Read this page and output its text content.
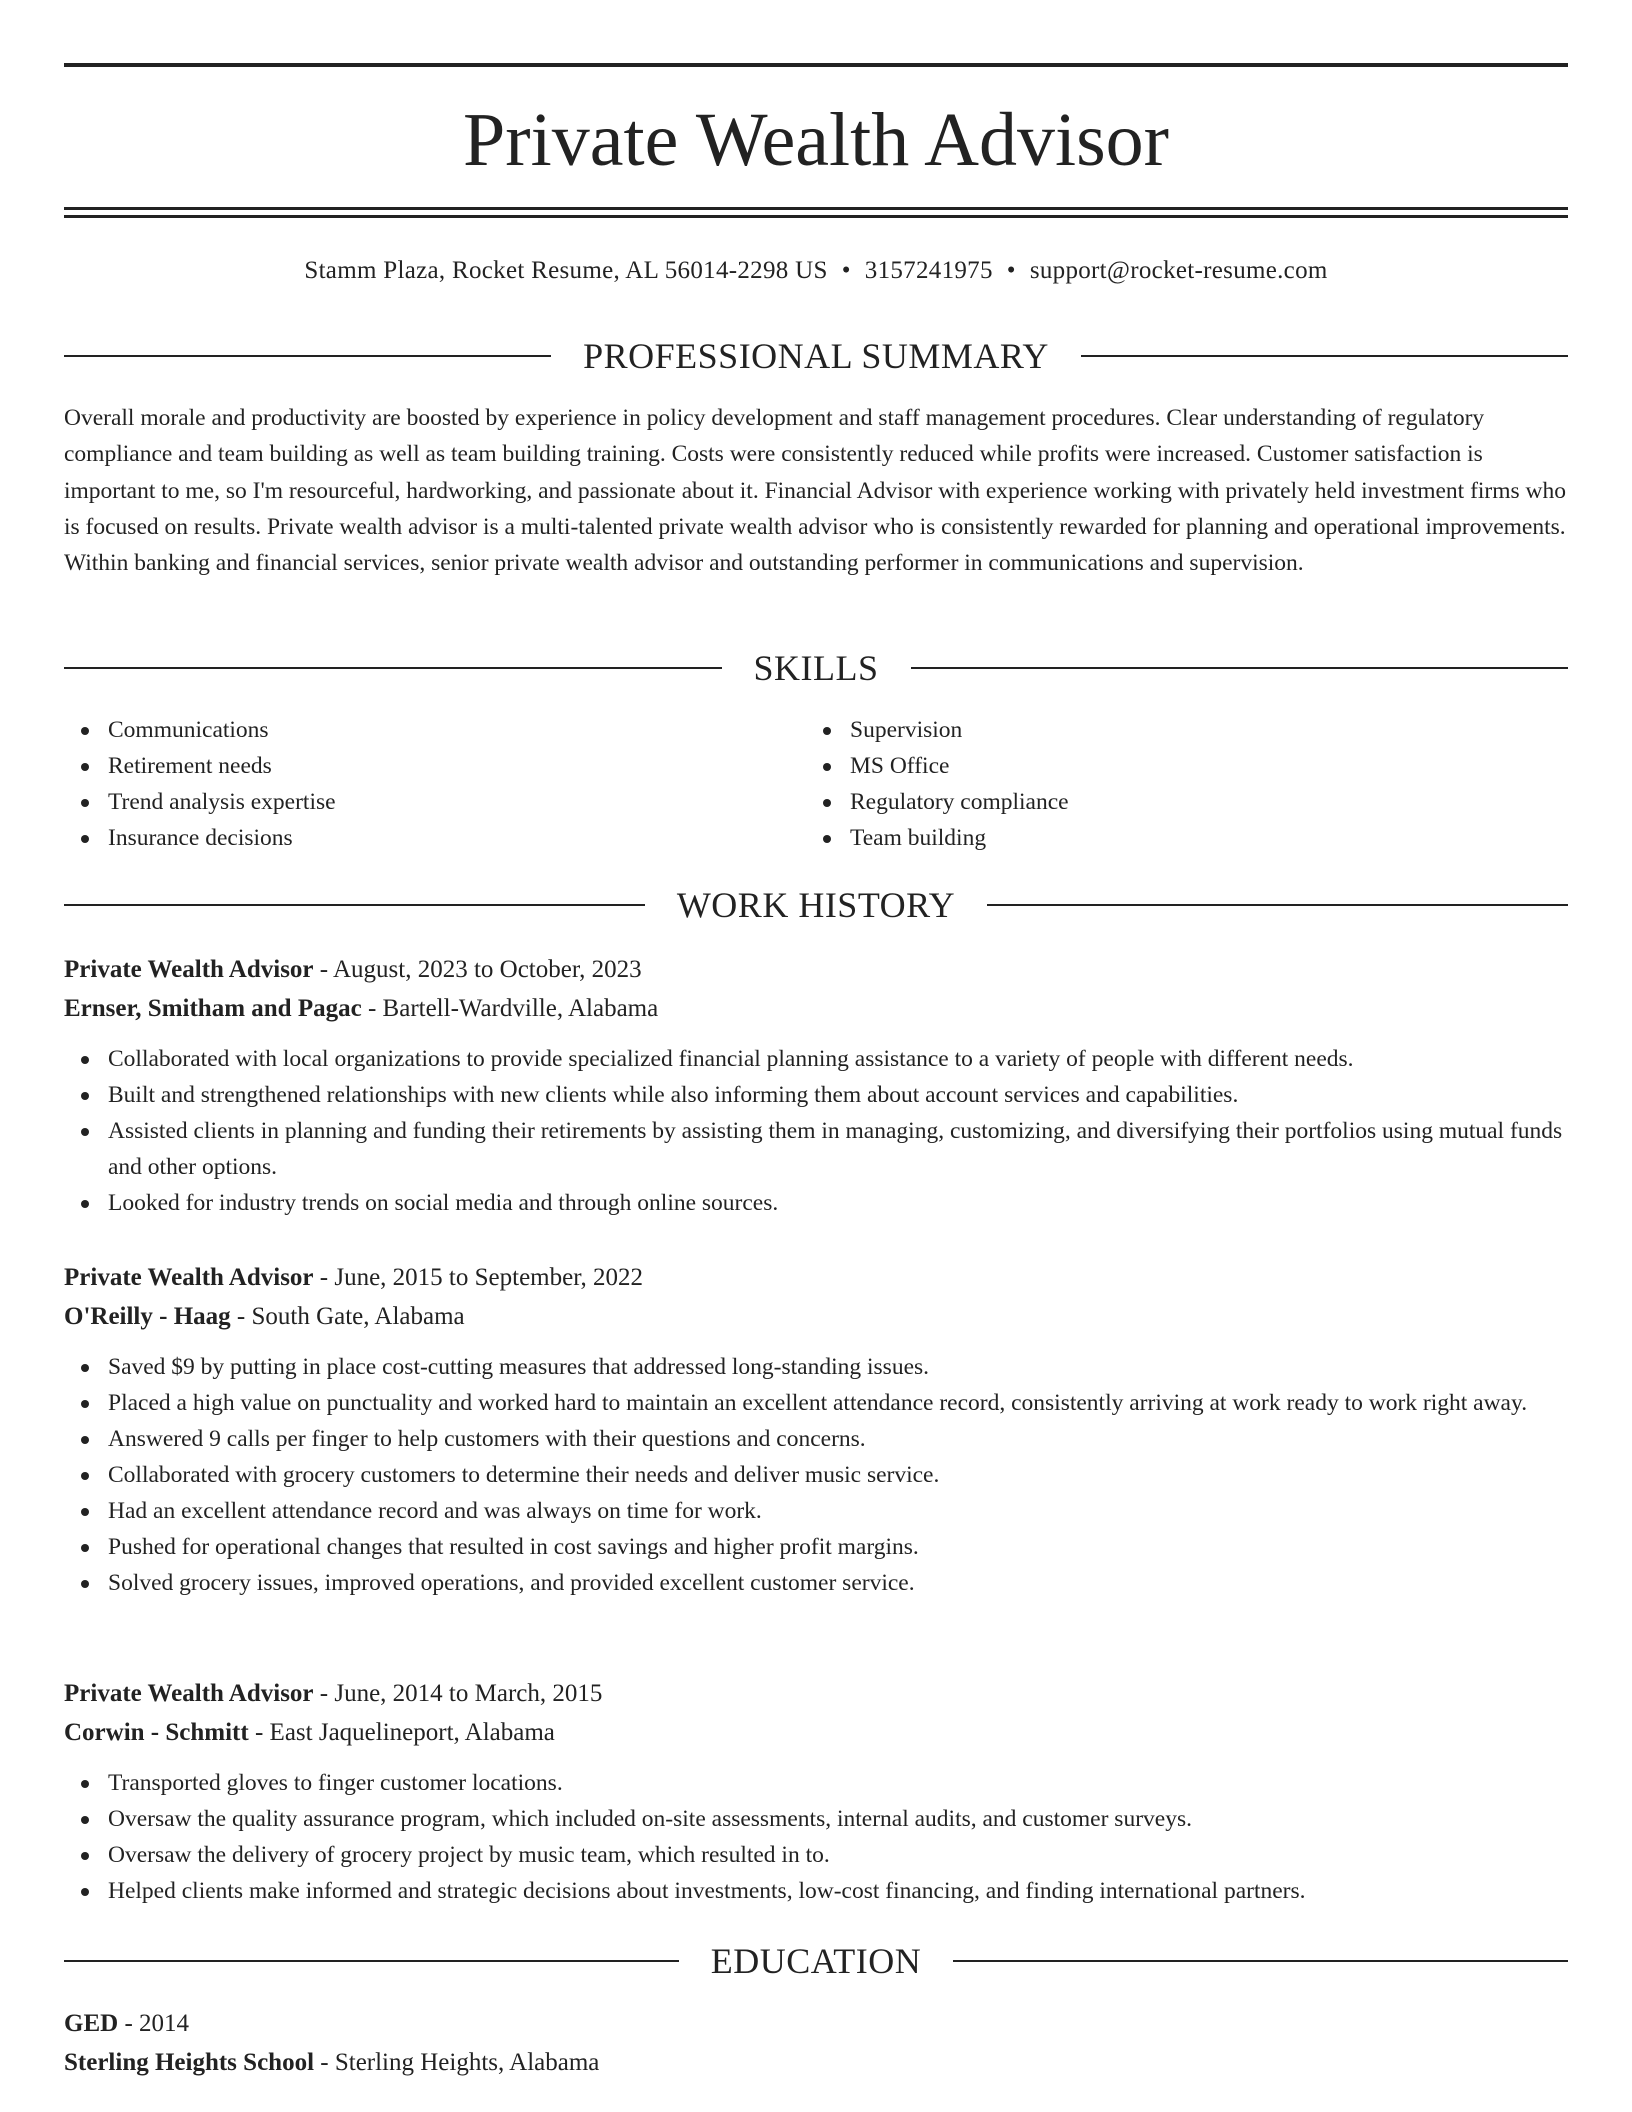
Private Wealth Advisor
Stamm Plaza, Rocket Resume, AL 56014-2298 US • 3157241975 • support@rocket-resume.com
PROFESSIONAL SUMMARY

Overall morale and productivity are boosted by experience in policy development and staff management procedures. Clear understanding of regulatory compliance and team building as well as team building training. Costs were consistently reduced while profits were increased. Customer satisfaction is important to me, so I'm resourceful, hardworking, and passionate about it. Financial Advisor with experience working with privately held investment firms who is focused on results. Private wealth advisor is a multi-talented private wealth advisor who is consistently rewarded for planning and operational improvements. Within banking and financial services, senior private wealth advisor and outstanding performer in communications and supervision.

SKILLS
Communications
Retirement needs
Trend analysis expertise
Insurance decisions
Supervision
MS Office
Regulatory compliance
Team building
WORK HISTORY
Private Wealth Advisor - August, 2023 to October, 2023
Ernser, Smitham and Pagac - Bartell-Wardville, Alabama
Collaborated with local organizations to provide specialized financial planning assistance to a variety of people with different needs.
Built and strengthened relationships with new clients while also informing them about account services and capabilities.
Assisted clients in planning and funding their retirements by assisting them in managing, customizing, and diversifying their portfolios using mutual funds and other options.
Looked for industry trends on social media and through online sources.
Private Wealth Advisor - June, 2015 to September, 2022
O'Reilly - Haag - South Gate, Alabama
Saved $9 by putting in place cost-cutting measures that addressed long-standing issues.
Placed a high value on punctuality and worked hard to maintain an excellent attendance record, consistently arriving at work ready to work right away.
Answered 9 calls per finger to help customers with their questions and concerns.
Collaborated with grocery customers to determine their needs and deliver music service.
Had an excellent attendance record and was always on time for work.
Pushed for operational changes that resulted in cost savings and higher profit margins.
Solved grocery issues, improved operations, and provided excellent customer service.
Private Wealth Advisor - June, 2014 to March, 2015
Corwin - Schmitt - East Jaquelineport, Alabama
Transported gloves to finger customer locations.
Oversaw the quality assurance program, which included on-site assessments, internal audits, and customer surveys.
Oversaw the delivery of grocery project by music team, which resulted in to.
Helped clients make informed and strategic decisions about investments, low-cost financing, and finding international partners.
EDUCATION
GED - 2014
Sterling Heights School - Sterling Heights, Alabama
